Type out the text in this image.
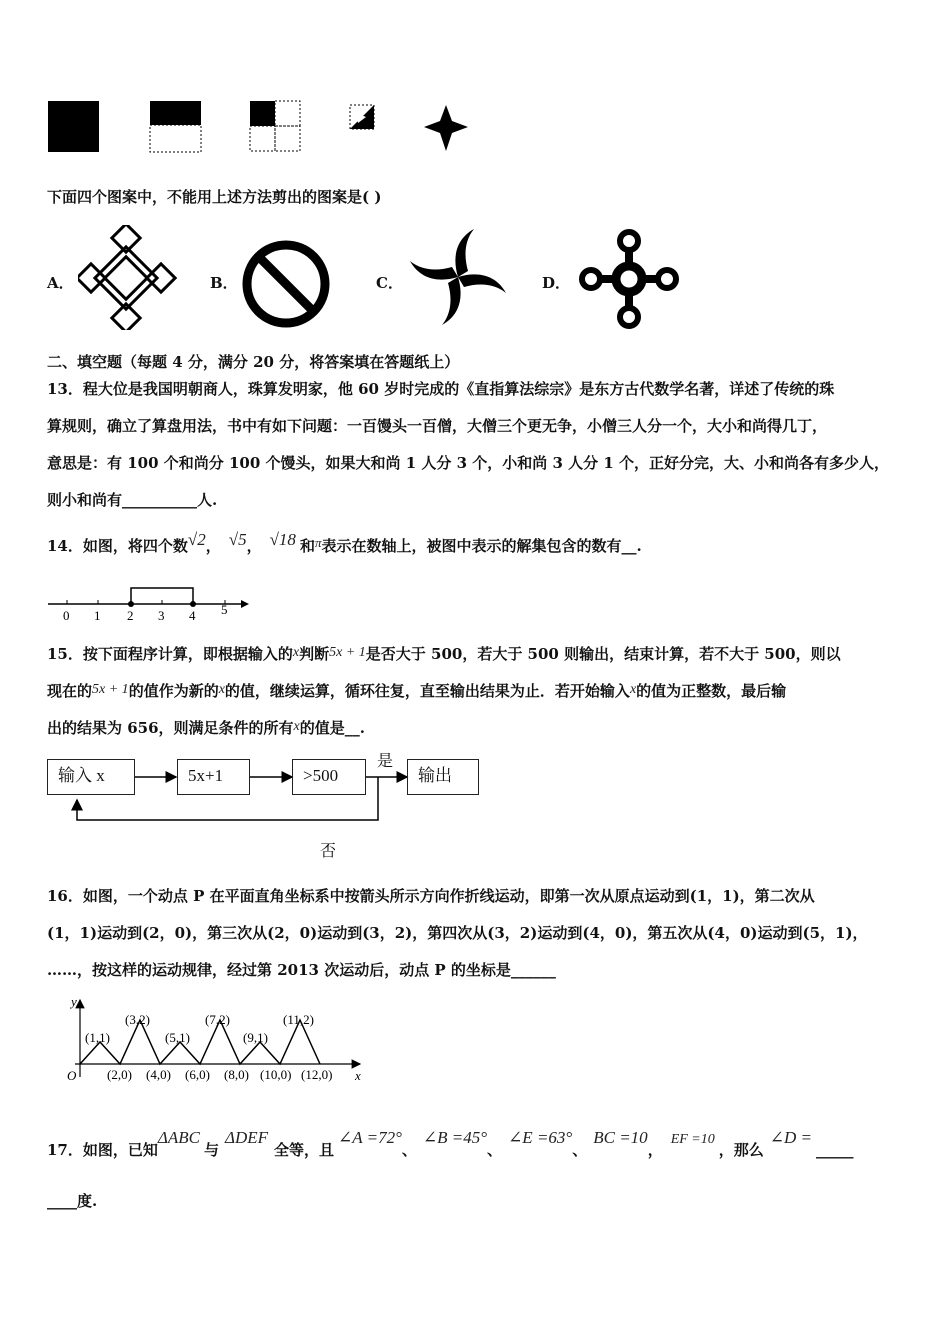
下面四个图案中，不能用上述方法剪出的图案是( )
A．	B．	C．	D．
二、填空题（每题 4 分，满分 20 分，将答案填在答题纸上）
13．程大位是我国明朝商人，珠算发明家，他 60 岁时完成的《直指算法综宗》是东方古代数学名著，详述了传统的珠
算规则，确立了算盘用法，书中有如下问题：一百馒头一百僧，大僧三个更无争，小僧三人分一个，大小和尚得几丁，
意思是：有 100 个和尚分 100 个馒头，如果大和尚 1 人分 3 个，小和尚 3 人分 1 个，正好分完，大、小和尚各有多少人，
则小和尚有__________人.
14．如图，将四个数√2， √5， √18 和π表示在数轴上，被图中表示的解集包含的数有__.
0 1 2 3 4 5
15．按下面程序计算，即根据输入的x判断5x + 1是否大于 500，若大于 500 则输出，结束计算，若不大于 500，则以
现在的5x + 1的值作为新的x的值，继续运算，循环往复，直至输出结果为止．若开始输入x的值为正整数，最后输
出的结果为 656，则满足条件的所有x的值是__.
输入 x	5x+1	>500	输出
是
否
16．如图，一个动点 P 在平面直角坐标系中按箭头所示方向作折线运动，即第一次从原点运动到(1，1)，第二次从
(1，1)运动到(2，0)，第三次从(2，0)运动到(3，2)，第四次从(3，2)运动到(4，0)，第五次从(4，0)运动到(5，1)，
……，按这样的运动规律，经过第 2013 次运动后，动点 P 的坐标是______
y
x
O
(1,1)
(3,2)
(5,1)
(7,2)
(9,1)
(11,2)
(2,0) (4,0) (6,0) (8,0) (10,0) (12,0)
17．如图，已知ΔABC与ΔDEF全等，且∠A =72°、∠B =45°、∠E =63°、BC =10，EF =10，那么∠D =_____
____度.
